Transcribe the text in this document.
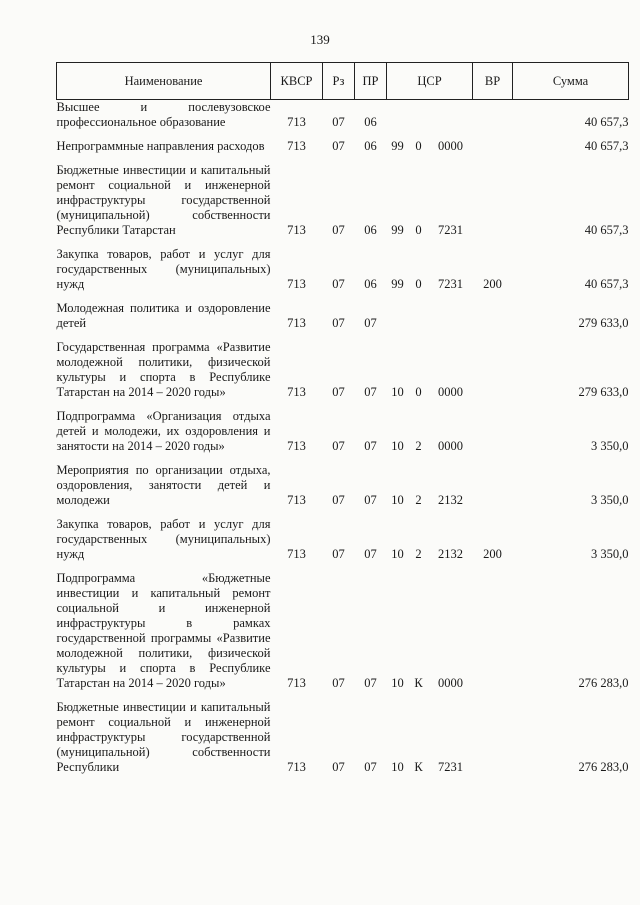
139
Наименование	КВСР	Рз	ПР	ЦСР			ВР	Сумма

Высшее и послевузовское профессиональное образование	713	07	06					40 657,3

Непрограммные направления расходов	713	07	06	99	0	0000		40 657,3

Бюджетные инвестиции и капитальный ремонт социальной и инженерной инфраструктуры государственной (муниципальной) собственности Республики Татарстан	713	07	06	99	0	7231		40 657,3

Закупка товаров, работ и услуг для государственных (муниципальных) нужд	713	07	06	99	0	7231	200	40 657,3

Молодежная политика и оздоровление детей	713	07	07					279 633,0

Государственная программа «Развитие молодежной политики, физической культуры и спорта в Республике Татарстан на 2014 – 2020 годы»	713	07	07	10	0	0000		279 633,0

Подпрограмма «Организация отдыха детей и молодежи, их оздоровления и занятости на 2014 – 2020 годы»	713	07	07	10	2	0000		3 350,0

Мероприятия по организации отдыха, оздоровления, занятости детей и молодежи	713	07	07	10	2	2132		3 350,0

Закупка товаров, работ и услуг для государственных (муниципальных) нужд	713	07	07	10	2	2132	200	3 350,0

Подпрограмма «Бюджетные инвестиции и капитальный ремонт социальной и инженерной инфраструктуры в рамках государственной программы «Развитие молодежной политики, физической культуры и спорта в Республике Татарстан на 2014 – 2020 годы»	713	07	07	10	К	0000		276 283,0

Бюджетные инвестиции и капитальный ремонт социальной и инженерной инфраструктуры государственной (муниципальной) собственности Республики	713	07	07	10	К	7231		276 283,0
